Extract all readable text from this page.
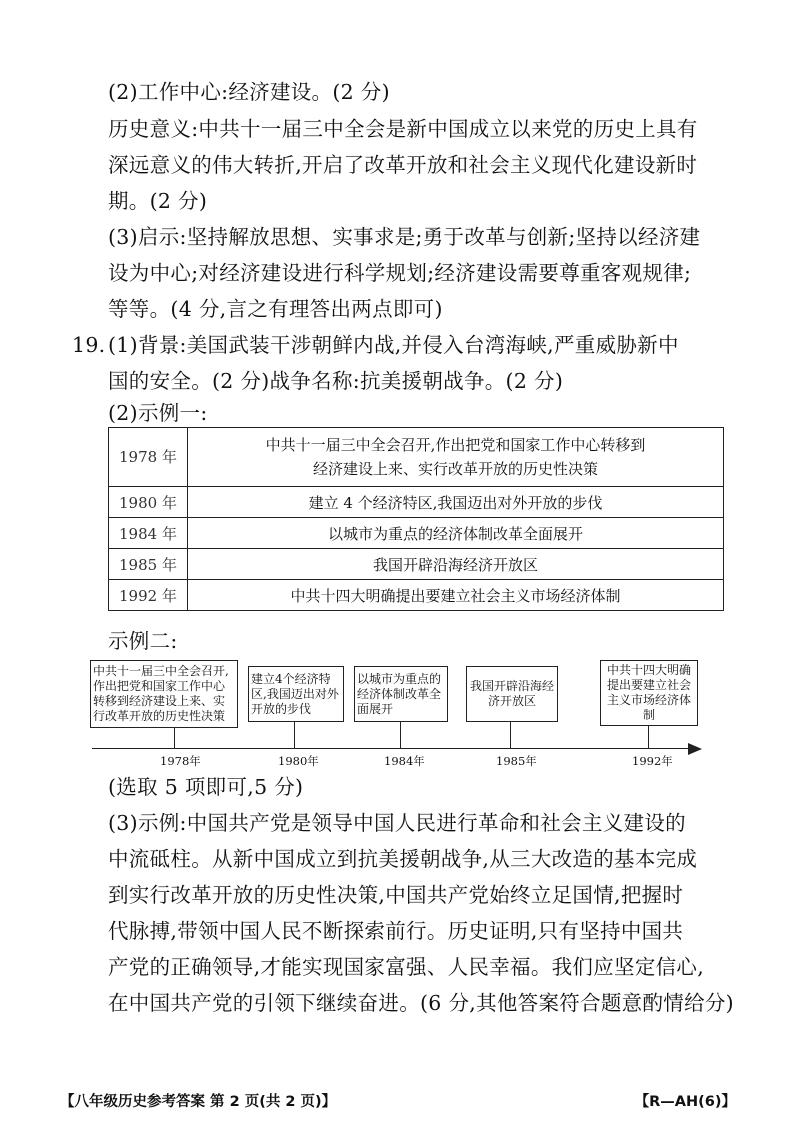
(2)工作中心:经济建设。(2 分)
历史意义:中共十一届三中全会是新中国成立以来党的历史上具有
深远意义的伟大转折,开启了改革开放和社会主义现代化建设新时
期。(2 分)
(3)启示:坚持解放思想、实事求是;勇于改革与创新;坚持以经济建
设为中心;对经济建设进行科学规划;经济建设需要尊重客观规律;
等等。(4 分,言之有理答出两点即可)
19. (1)背景:美国武装干涉朝鲜内战,并侵入台湾海峡,严重威胁新中
国的安全。(2 分)战争名称:抗美援朝战争。(2 分)
(2)示例一:
1978 年	中共十一届三中全会召开,作出把党和国家工作中心转移到
经济建设上来、实行改革开放的历史性决策

1980 年	建立 4 个经济特区,我国迈出对外开放的步伐
1984 年	以城市为重点的经济体制改革全面展开
1985 年	我国开辟沿海经济开放区
1992 年	中共十四大明确提出要建立社会主义市场经济体制
示例二:
中共十一届三中全会召开,作出把党和国家工作中心转移到经济建设上来、实行改革开放的历史性决策
1978年
建立4个经济特区,我国迈出对外开放的步伐
1980年
以城市为重点的经济体制改革全面展开
1984年
我国开辟沿海经济开放区
1985年
中共十四大明确提出要建立社会主义市场经济体制
1992年
(选取 5 项即可,5 分)
(3)示例:中国共产党是领导中国人民进行革命和社会主义建设的
中流砥柱。从新中国成立到抗美援朝战争,从三大改造的基本完成
到实行改革开放的历史性决策,中国共产党始终立足国情,把握时
代脉搏,带领中国人民不断探索前行。历史证明,只有坚持中国共
产党的正确领导,才能实现国家富强、人民幸福。我们应坚定信心,
在中国共产党的引领下继续奋进。(6 分,其他答案符合题意酌情给分)
【八年级历史参考答案 第 2 页(共 2 页)】	【R—AH(6)】
